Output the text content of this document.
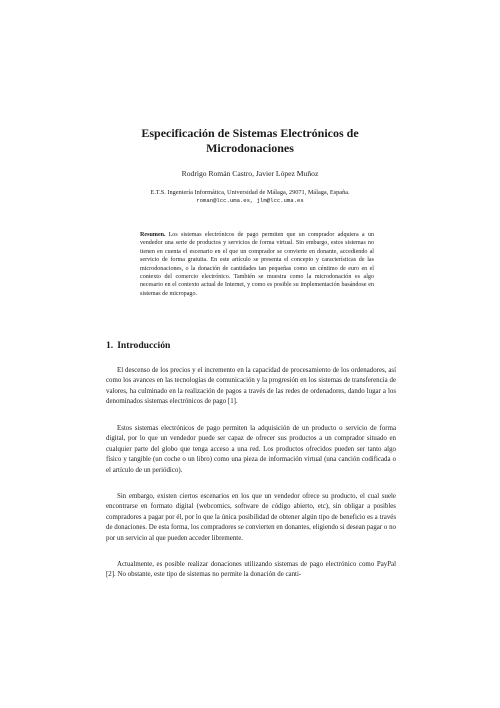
Especificación de Sistemas Electrónicos de Microdonaciones
Rodrigo Román Castro, Javier López Muñoz
E.T.S. Ingeniería Informática, Universidad de Málaga, 29071, Málaga, España.
roman@lcc.uma.es, jlm@lcc.uma.es
Resumen. Los sistemas electrónicos de pago permiten que un comprador adquiera a un vendedor una serie de productos y servicios de forma virtual. Sin embargo, estos sistemas no tienen en cuenta el escenario en el que un comprador se convierte en donante, accediendo al servicio de forma gratuita. En este artículo se presenta el concepto y características de las microdonaciones, o la donación de cantidades tan pequeñas como un céntimo de euro en el contexto del comercio electrónico. También se muestra como la microdonación es algo necesario en el contexto actual de Internet, y como es posible su implementación basándose en sistemas de micropago.
1. Introducción
El descenso de los precios y el incremento en la capacidad de procesamiento de los ordenadores, así como los avances en las tecnologías de comunicación y la progresión en los sistemas de transferencia de valores, ha culminado en la realización de pagos a través de las redes de ordenadores, dando lugar a los denominados sistemas electrónicos de pago [1].
Estos sistemas electrónicos de pago permiten la adquisición de un producto o servicio de forma digital, por lo que un vendedor puede ser capaz de ofrecer sus productos a un comprador situado en cualquier parte del globo que tenga acceso a una red. Los productos ofrecidos pueden ser tanto algo físico y tangible (un coche o un libro) como una pieza de información virtual (una canción codificada o el artículo de un periódico).
Sin embargo, existen ciertos escenarios en los que un vendedor ofrece su producto, el cual suele encontrarse en formato digital (webcomics, software de código abierto, etc), sin obligar a posibles compradores a pagar por él, por lo que la única posibilidad de obtener algún tipo de beneficio es a través de donaciones. De esta forma, los compradores se convierten en donantes, eligiendo si desean pagar o no por un servicio al que pueden acceder libremente.
Actualmente, es posible realizar donaciones utilizando sistemas de pago electrónico como PayPal [2]. No obstante, este tipo de sistemas no permite la donación de canti-
